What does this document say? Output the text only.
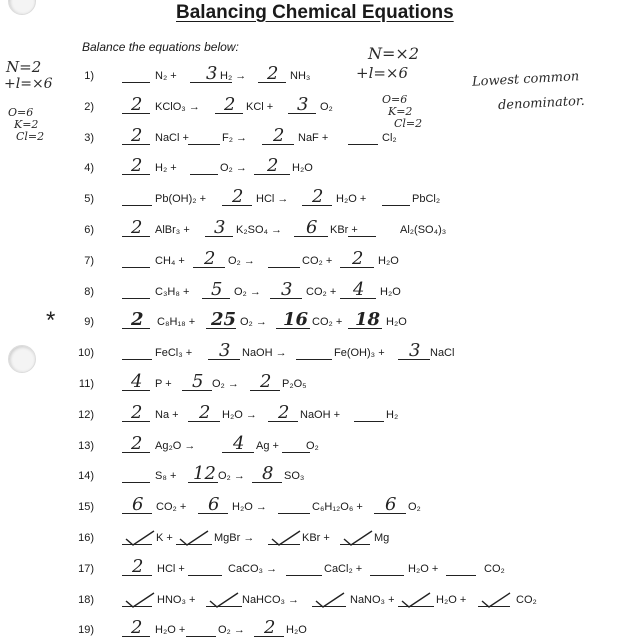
Balancing Chemical Equations
Balance the equations below:
N=2
+l=×6
O=6
K=2
Cl=2
N=×2
+l=×6
O=6
K=2
Cl=2
Lowest common
denominator.
1)	N₂ + 3 H₂ → 2 NH₃
2) 2 KClO₃ → 2 KCl + 3 O₂
3) 2 NaCl +	F₂ → 2 NaF +	Cl₂
4) 2 H₂ +	O₂ → 2 H₂O
5)	Pb(OH)₂ + 2 HCl → 2 H₂O +	PbCl₂
6) 2 AlBr₃ + 3 K₂SO₄ → 6 KBr +	Al₂(SO₄)₃
7)	CH₄ + 2 O₂ →	CO₂ + 2 H₂O
8)	C₃H₈ + 5 O₂ → 3 CO₂ + 4 H₂O
9)
*	2 C₈H₁₈ + 25 O₂ → 16 CO₂ + 18 H₂O
10)	FeCl₃ + 3 NaOH →	Fe(OH)₃ + 3 NaCl
11) 4 P + 5 O₂ → 2 P₂O₅
12) 2 Na + 2 H₂O → 2 NaOH +	H₂
13) 2 Ag₂O → 4 Ag + O₂
14)	S₈ + 12 O₂ → 8 SO₃
15) 6 CO₂ + 6 H₂O →	C₆H₁₂O₆ + 6 O₂
16)	K +	MgBr →	KBr +	Mg
17) 2 HCl +	CaCO₃ →	CaCl₂ +	H₂O +	CO₂
18)	HNO₃ +	NaHCO₃ →	NaNO₃ +	H₂O +	CO₂
19) 2 H₂O +	O₂ → 2 H₂O
